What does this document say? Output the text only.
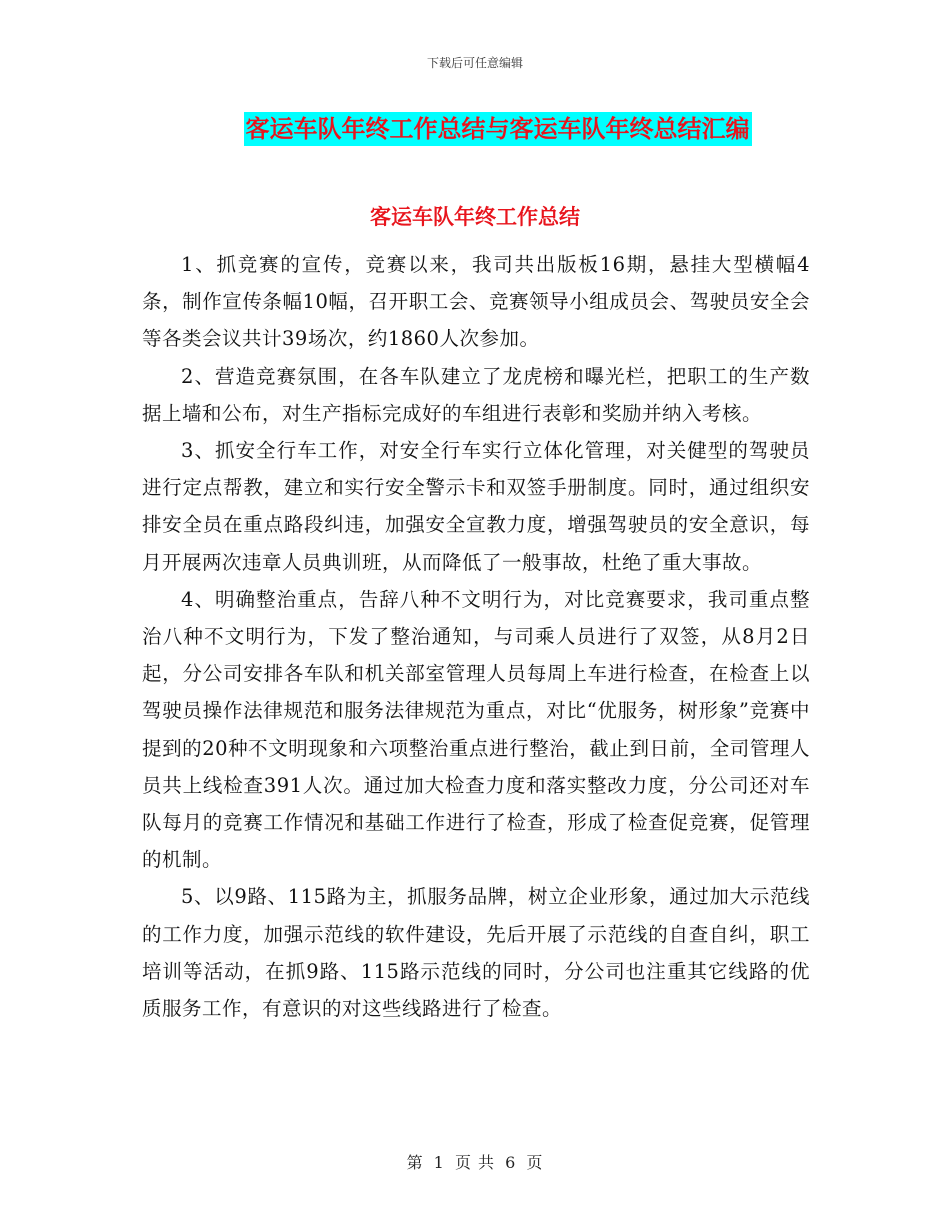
下载后可任意编辑
客运车队年终工作总结与客运车队年终总结汇编
客运车队年终工作总结

1、抓竞赛的宣传，竞赛以来，我司共出版板16期，悬挂大型横幅4条，制作宣传条幅10幅，召开职工会、竞赛领导小组成员会、驾驶员安全会等各类会议共计39场次，约1860人次参加。

2、营造竞赛氛围，在各车队建立了龙虎榜和曝光栏，把职工的生产数据上墙和公布，对生产指标完成好的车组进行表彰和奖励并纳入考核。

3、抓安全行车工作，对安全行车实行立体化管理，对关健型的驾驶员进行定点帮教，建立和实行安全警示卡和双签手册制度。同时，通过组织安排安全员在重点路段纠违，加强安全宣教力度，增强驾驶员的安全意识，每月开展两次违章人员典训班，从而降低了一般事故，杜绝了重大事故。

4、明确整治重点，告辞八种不文明行为，对比竞赛要求，我司重点整治八种不文明行为，下发了整治通知，与司乘人员进行了双签，从8月2日起，分公司安排各车队和机关部室管理人员每周上车进行检查，在检查上以驾驶员操作法律规范和服务法律规范为重点，对比“优服务，树形象”竞赛中提到的20种不文明现象和六项整治重点进行整治，截止到日前，全司管理人员共上线检查391人次。通过加大检查力度和落实整改力度，分公司还对车队每月的竞赛工作情况和基础工作进行了检查，形成了检查促竞赛，促管理的机制。

5、以9路、115路为主，抓服务品牌，树立企业形象，通过加大示范线的工作力度，加强示范线的软件建设，先后开展了示范线的自查自纠，职工培训等活动，在抓9路、115路示范线的同时，分公司也注重其它线路的优质服务工作，有意识的对这些线路进行了检查。

第 1 页 共 6 页
